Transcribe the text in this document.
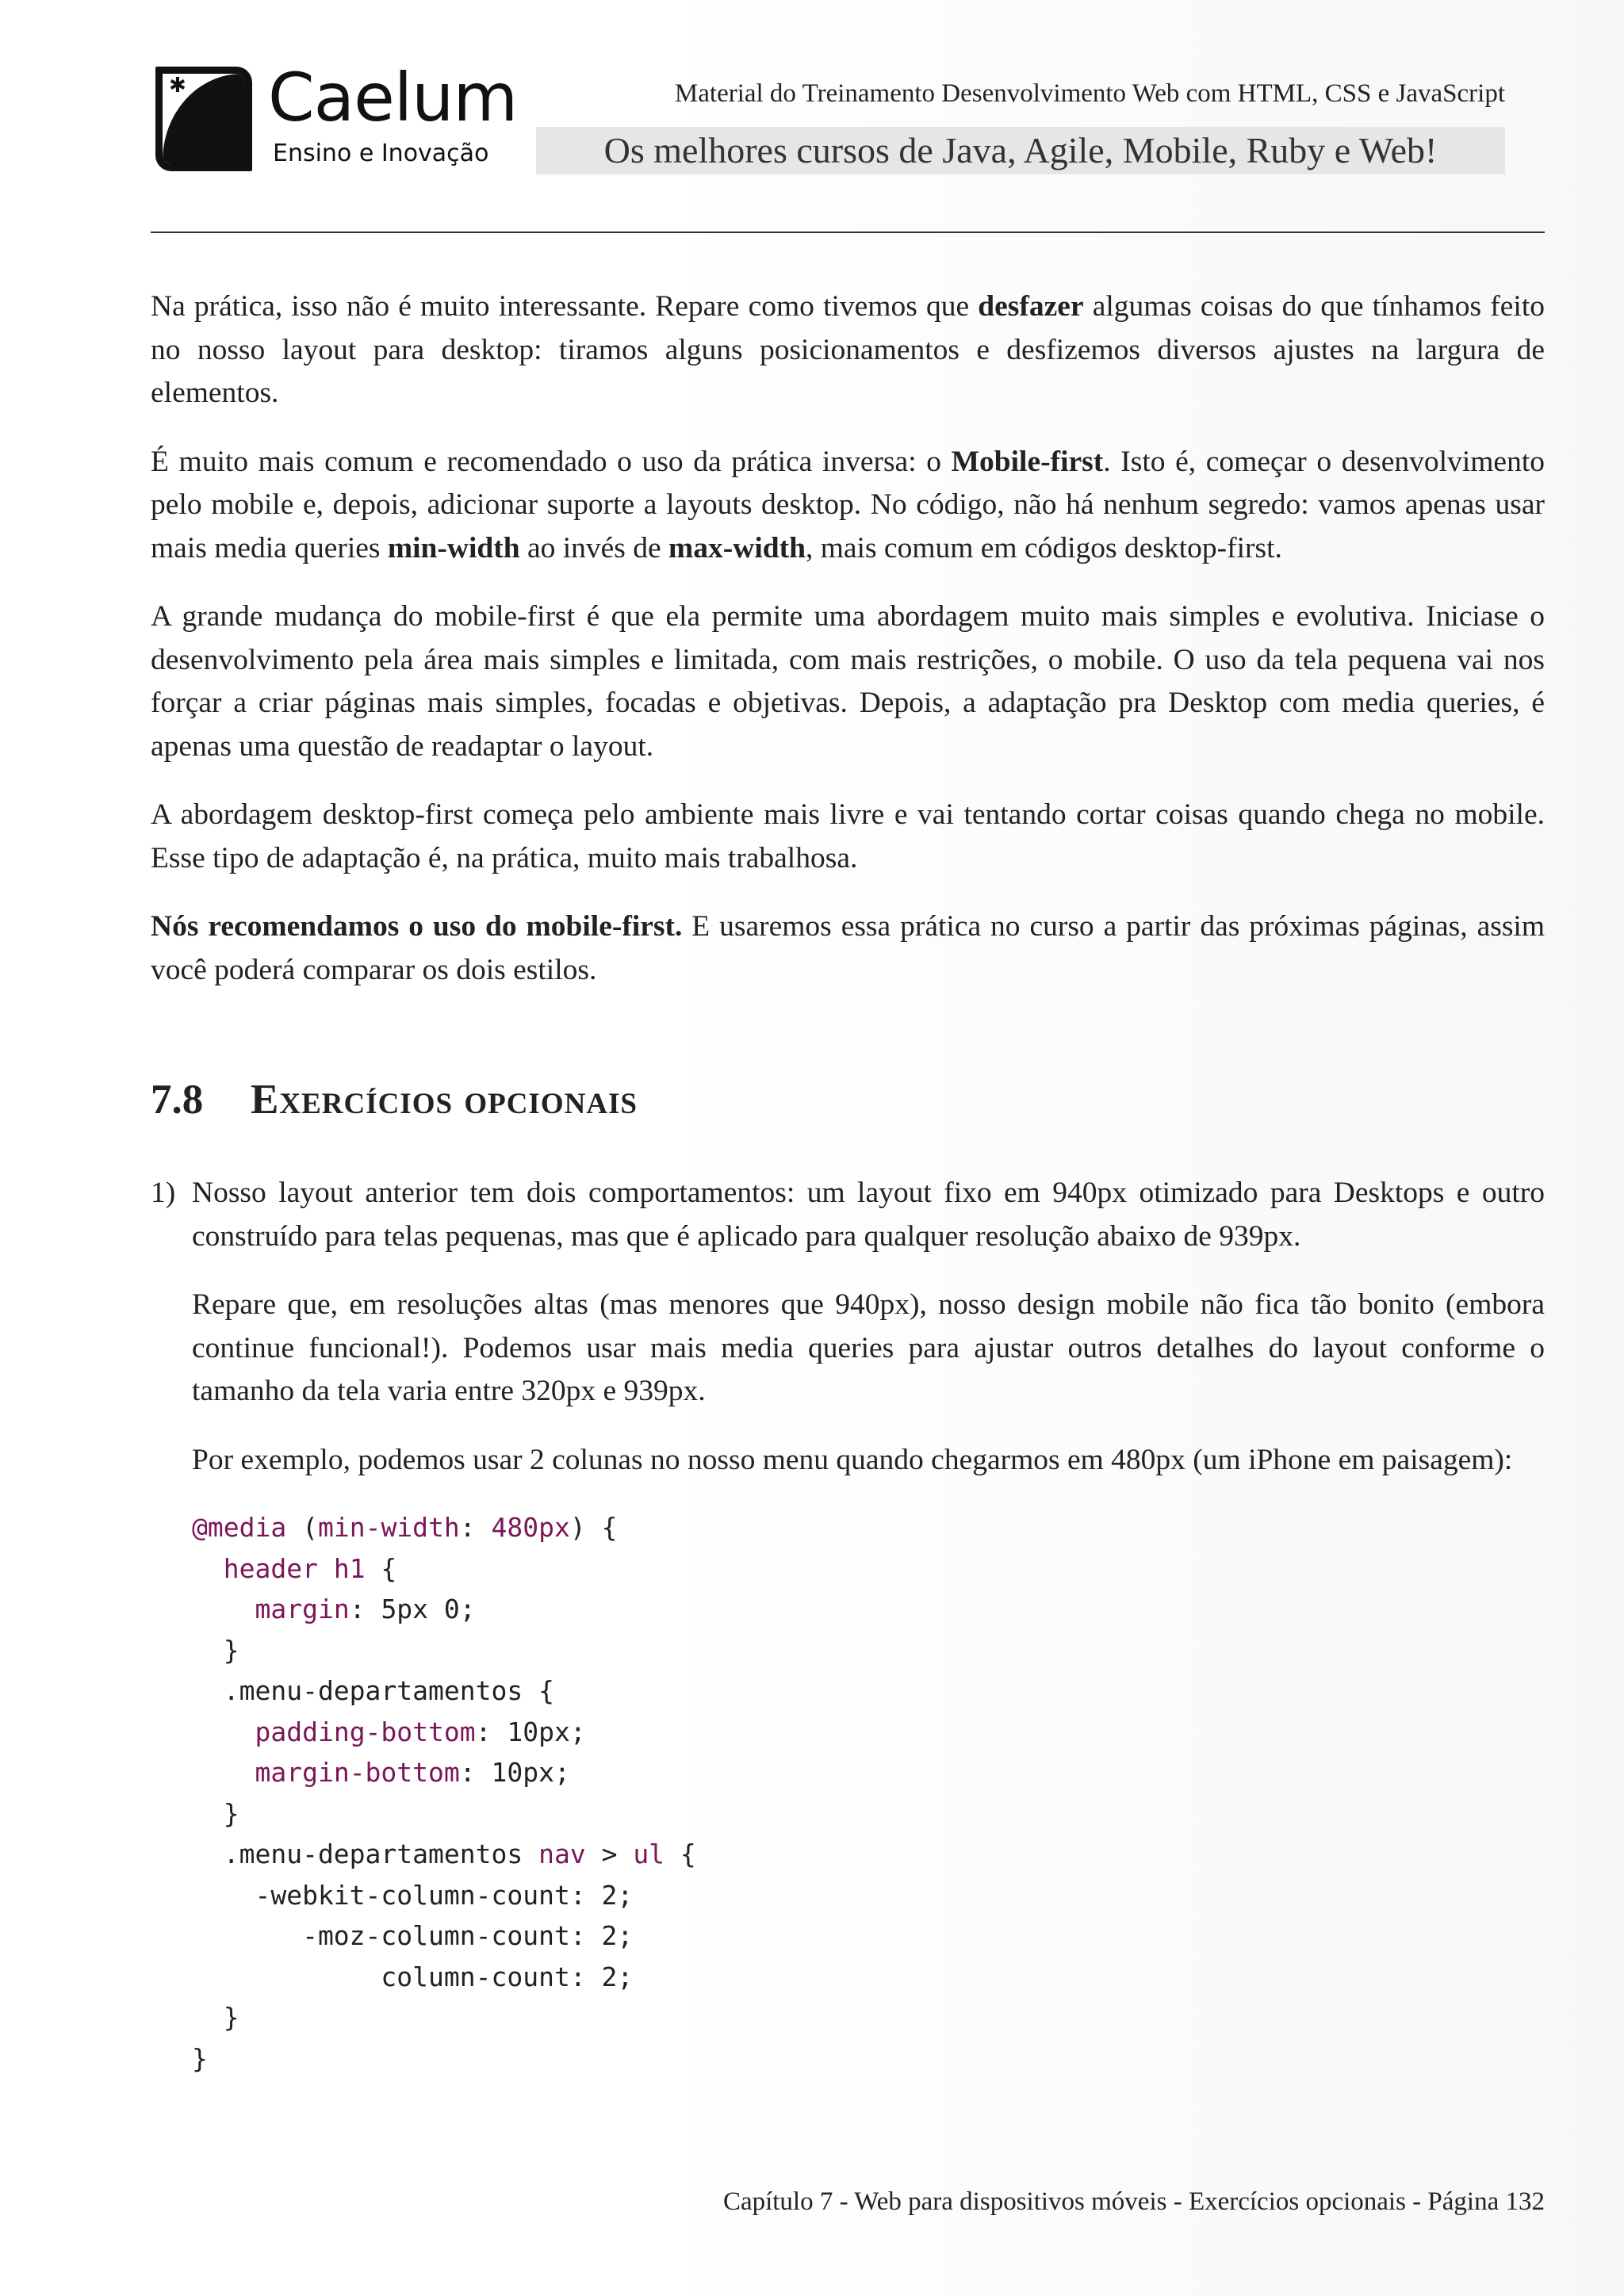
✱ Caelum
Ensino e Inovação
Material do Treinamento Desenvolvimento Web com HTML, CSS e JavaScript
Os melhores cursos de Java, Agile, Mobile, Ruby e Web!

Na prática, isso não é muito interessante. Repare como tivemos que desfazer algumas coisas do que tínhamos feito no nosso layout para desktop: tiramos alguns posicionamentos e desfizemos diversos ajustes na largura de elementos.

É muito mais comum e recomendado o uso da prática inversa: o Mobile-first. Isto é, começar o desenvolvimento pelo mobile e, depois, adicionar suporte a layouts desktop. No código, não há nenhum segredo: vamos apenas usar mais media queries min-width ao invés de max-width, mais comum em códigos desktop-first.

A grande mudança do mobile-first é que ela permite uma abordagem muito mais simples e evolutiva. Iniciase o desenvolvimento pela área mais simples e limitada, com mais restrições, o mobile. O uso da tela pequena vai nos forçar a criar páginas mais simples, focadas e objetivas. Depois, a adaptação pra Desktop com media queries, é apenas uma questão de readaptar o layout.

A abordagem desktop-first começa pelo ambiente mais livre e vai tentando cortar coisas quando chega no mobile. Esse tipo de adaptação é, na prática, muito mais trabalhosa.

Nós recomendamos o uso do mobile-first. E usaremos essa prática no curso a partir das próximas páginas, assim você poderá comparar os dois estilos.

7.8 Exercícios opcionais
1) Nosso layout anterior tem dois comportamentos: um layout fixo em 940px otimizado para Desktops e outro construído para telas pequenas, mas que é aplicado para qualquer resolução abaixo de 939px.

Repare que, em resoluções altas (mas menores que 940px), nosso design mobile não fica tão bonito (embora continue funcional!). Podemos usar mais media queries para ajustar outros detalhes do layout conforme o tamanho da tela varia entre 320px e 939px.

Por exemplo, podemos usar 2 colunas no nosso menu quando chegarmos em 480px (um iPhone em paisagem):

@media (min-width: 480px) {
header h1 {
margin: 5px 0;
}
.menu-departamentos {
padding-bottom: 10px;
margin-bottom: 10px;
}
.menu-departamentos nav > ul {
-webkit-column-count: 2;
-moz-column-count: 2;
column-count: 2;
}
}
Capítulo 7 - Web para dispositivos móveis - Exercícios opcionais - Página 132
